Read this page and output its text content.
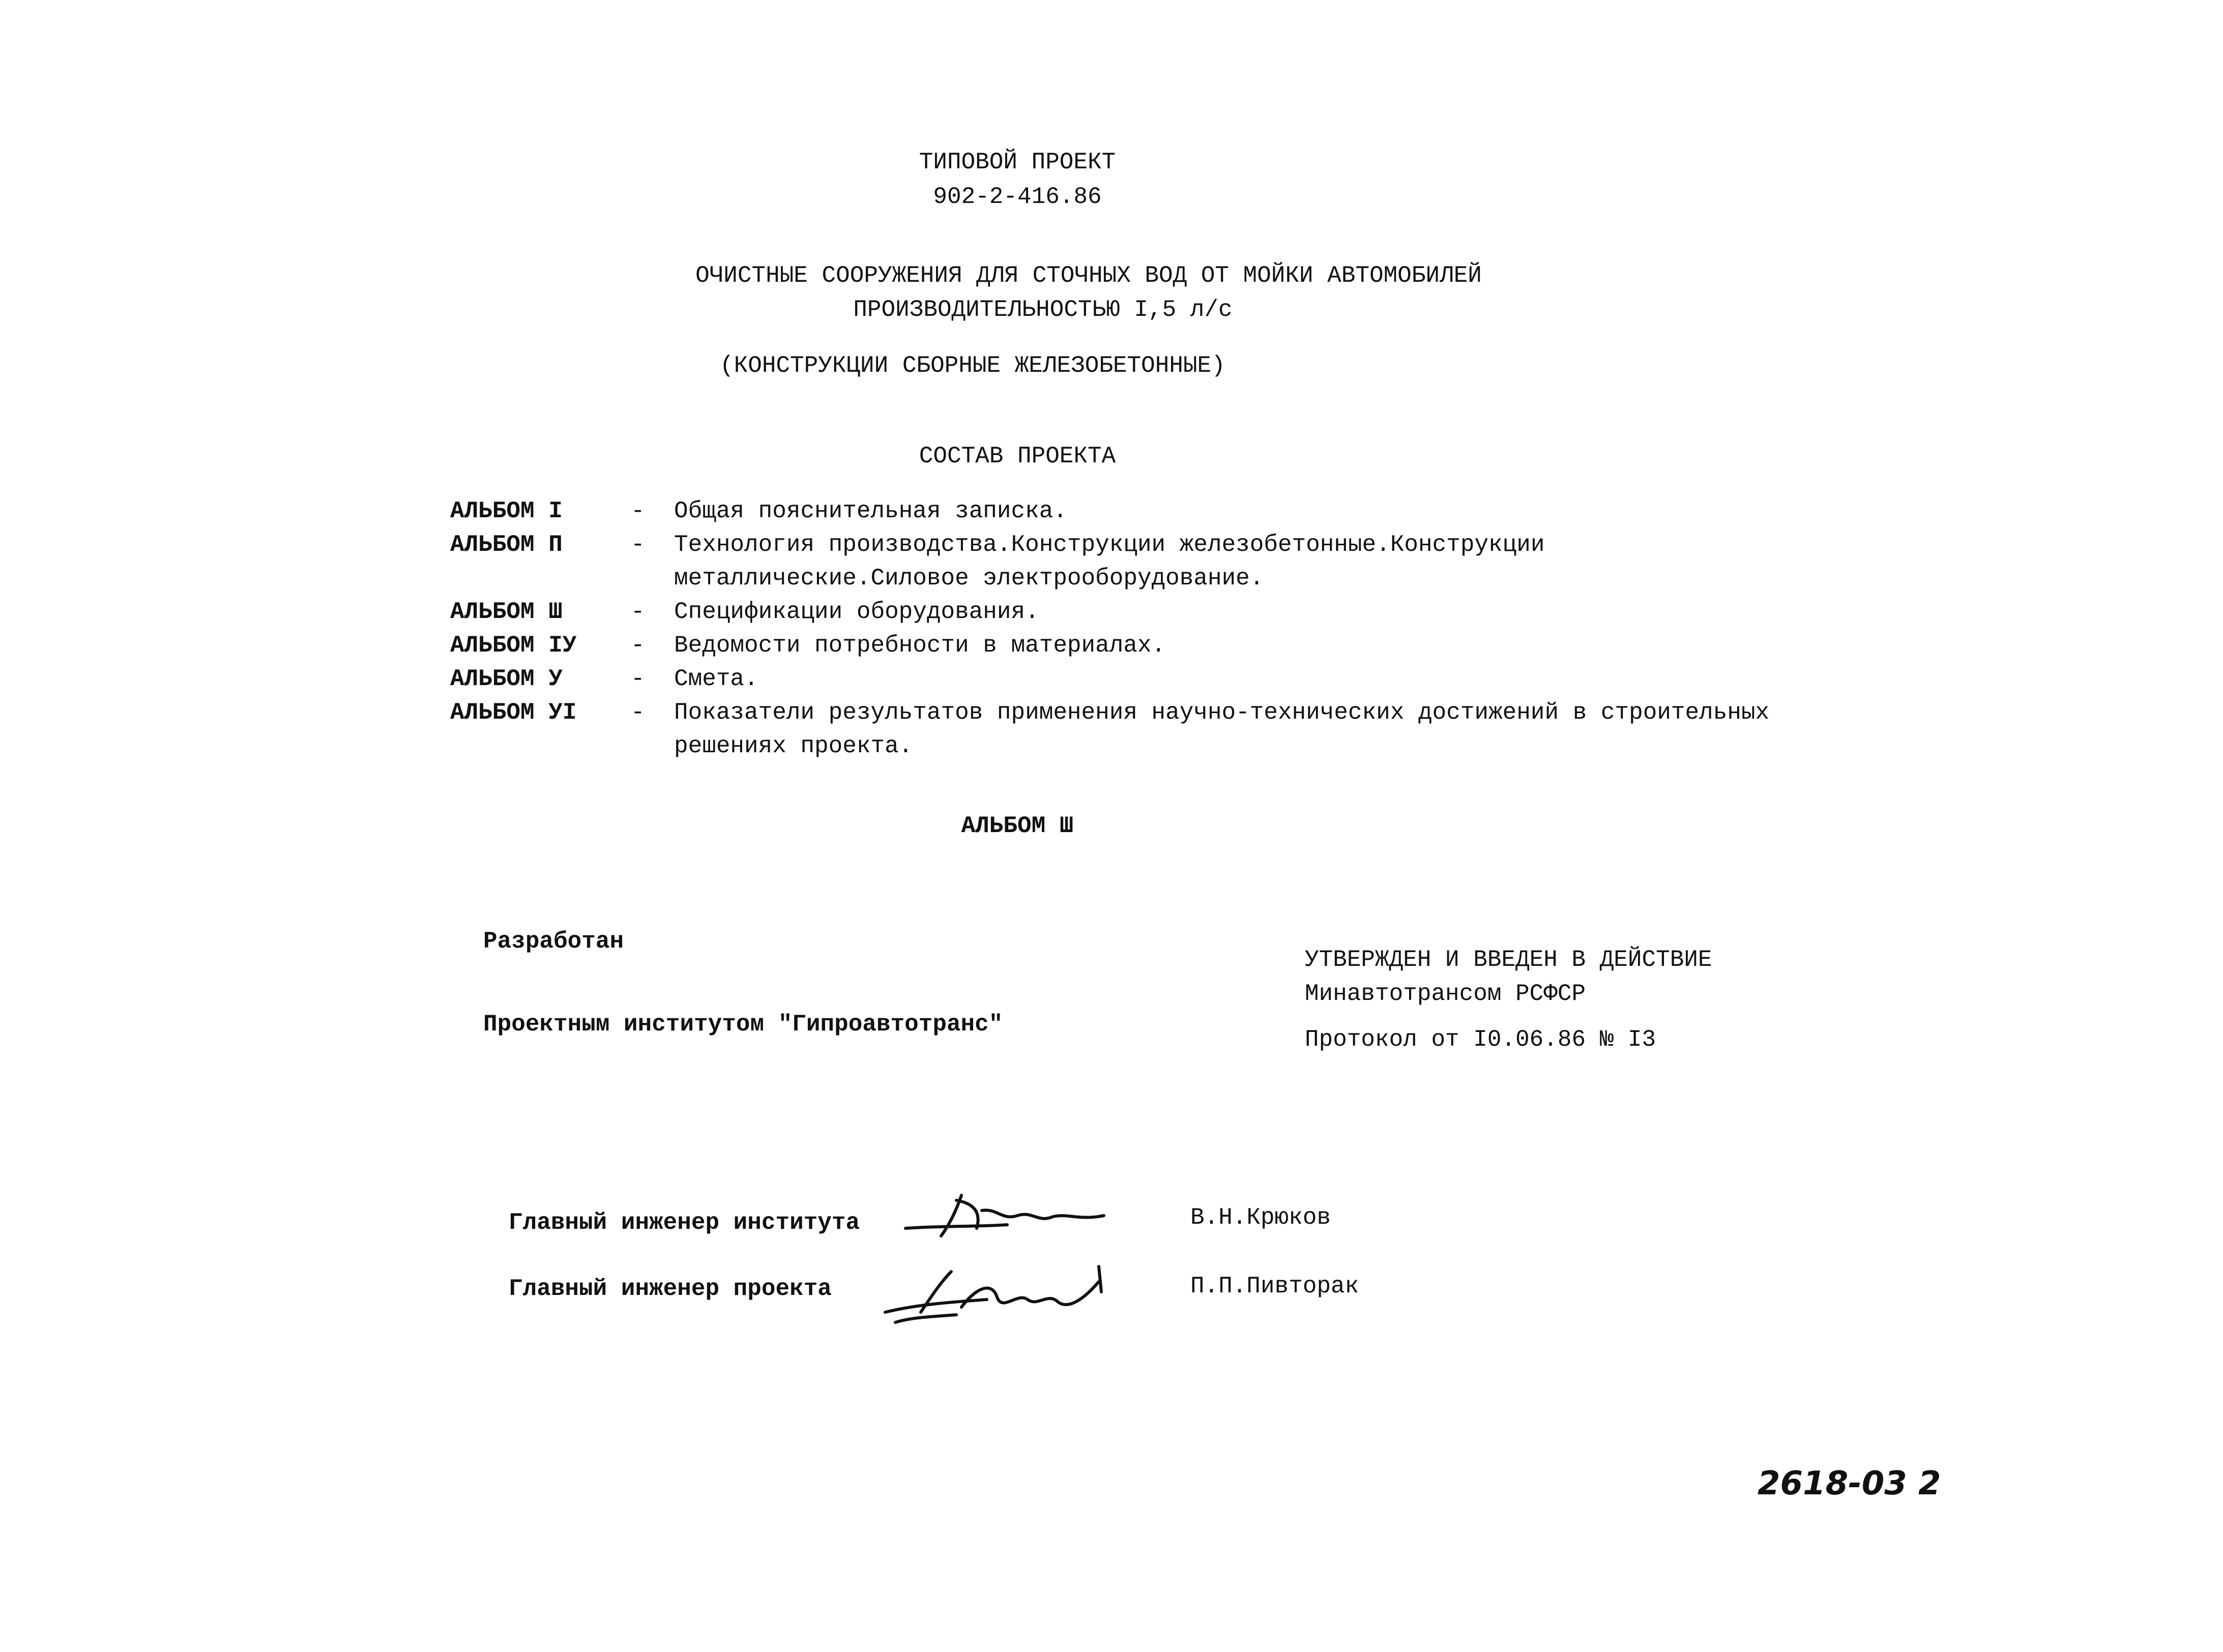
ТИПОВОЙ ПРОЕКТ
902-2-416.86
ОЧИСТНЫЕ СООРУЖЕНИЯ ДЛЯ СТОЧНЫХ ВОД ОТ МОЙКИ АВТОМОБИЛЕЙ
ПРОИЗВОДИТЕЛЬНОСТЬЮ I,5 л/с
(КОНСТРУКЦИИ СБОРНЫЕ ЖЕЛЕЗОБЕТОННЫЕ)
СОСТАВ ПРОЕКТА
АЛЬБОМ I	- Общая пояснительная записка.
АЛЬБОМ П	- Технология производства.Конструкции железобетонные.Конструкции металлические.Силовое электрооборудование.
АЛЬБОМ Ш	- Спецификации оборудования.
АЛЬБОМ IУ	- Ведомости потребности в материалах.
АЛЬБОМ У	- Смета.
АЛЬБОМ УI	- Показатели результатов применения научно-технических достижений в строительных решениях проекта.
АЛЬБОМ Ш
Разработан
Проектным институтом "Гипроавтотранс"
УТВЕРЖДЕН И ВВЕДЕН В ДЕЙСТВИЕ
Минавтотрансом РСФСР
Протокол от I0.06.86 № I3
Главный инженер института	В.Н.Крюков
Главный инженер проекта	П.П.Пивторак
2618-03 2
